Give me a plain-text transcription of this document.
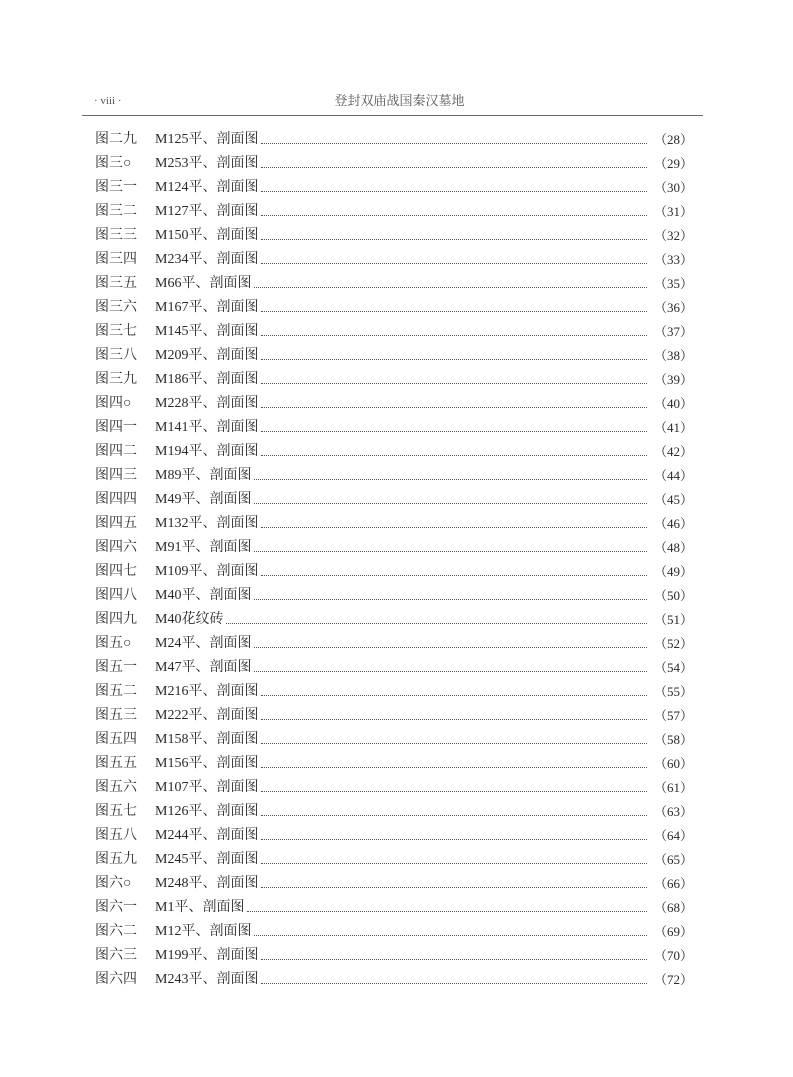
· viii ·	登封双庙战国秦汉墓地
图二九	M125平、剖面图	（28）
图三○	M253平、剖面图	（29）
图三一	M124平、剖面图	（30）
图三二	M127平、剖面图	（31）
图三三	M150平、剖面图	（32）
图三四	M234平、剖面图	（33）
图三五	M66平、剖面图	（35）
图三六	M167平、剖面图	（36）
图三七	M145平、剖面图	（37）
图三八	M209平、剖面图	（38）
图三九	M186平、剖面图	（39）
图四○	M228平、剖面图	（40）
图四一	M141平、剖面图	（41）
图四二	M194平、剖面图	（42）
图四三	M89平、剖面图	（44）
图四四	M49平、剖面图	（45）
图四五	M132平、剖面图	（46）
图四六	M91平、剖面图	（48）
图四七	M109平、剖面图	（49）
图四八	M40平、剖面图	（50）
图四九	M40花纹砖	（51）
图五○	M24平、剖面图	（52）
图五一	M47平、剖面图	（54）
图五二	M216平、剖面图	（55）
图五三	M222平、剖面图	（57）
图五四	M158平、剖面图	（58）
图五五	M156平、剖面图	（60）
图五六	M107平、剖面图	（61）
图五七	M126平、剖面图	（63）
图五八	M244平、剖面图	（64）
图五九	M245平、剖面图	（65）
图六○	M248平、剖面图	（66）
图六一	M1平、剖面图	（68）
图六二	M12平、剖面图	（69）
图六三	M199平、剖面图	（70）
图六四	M243平、剖面图	（72）
